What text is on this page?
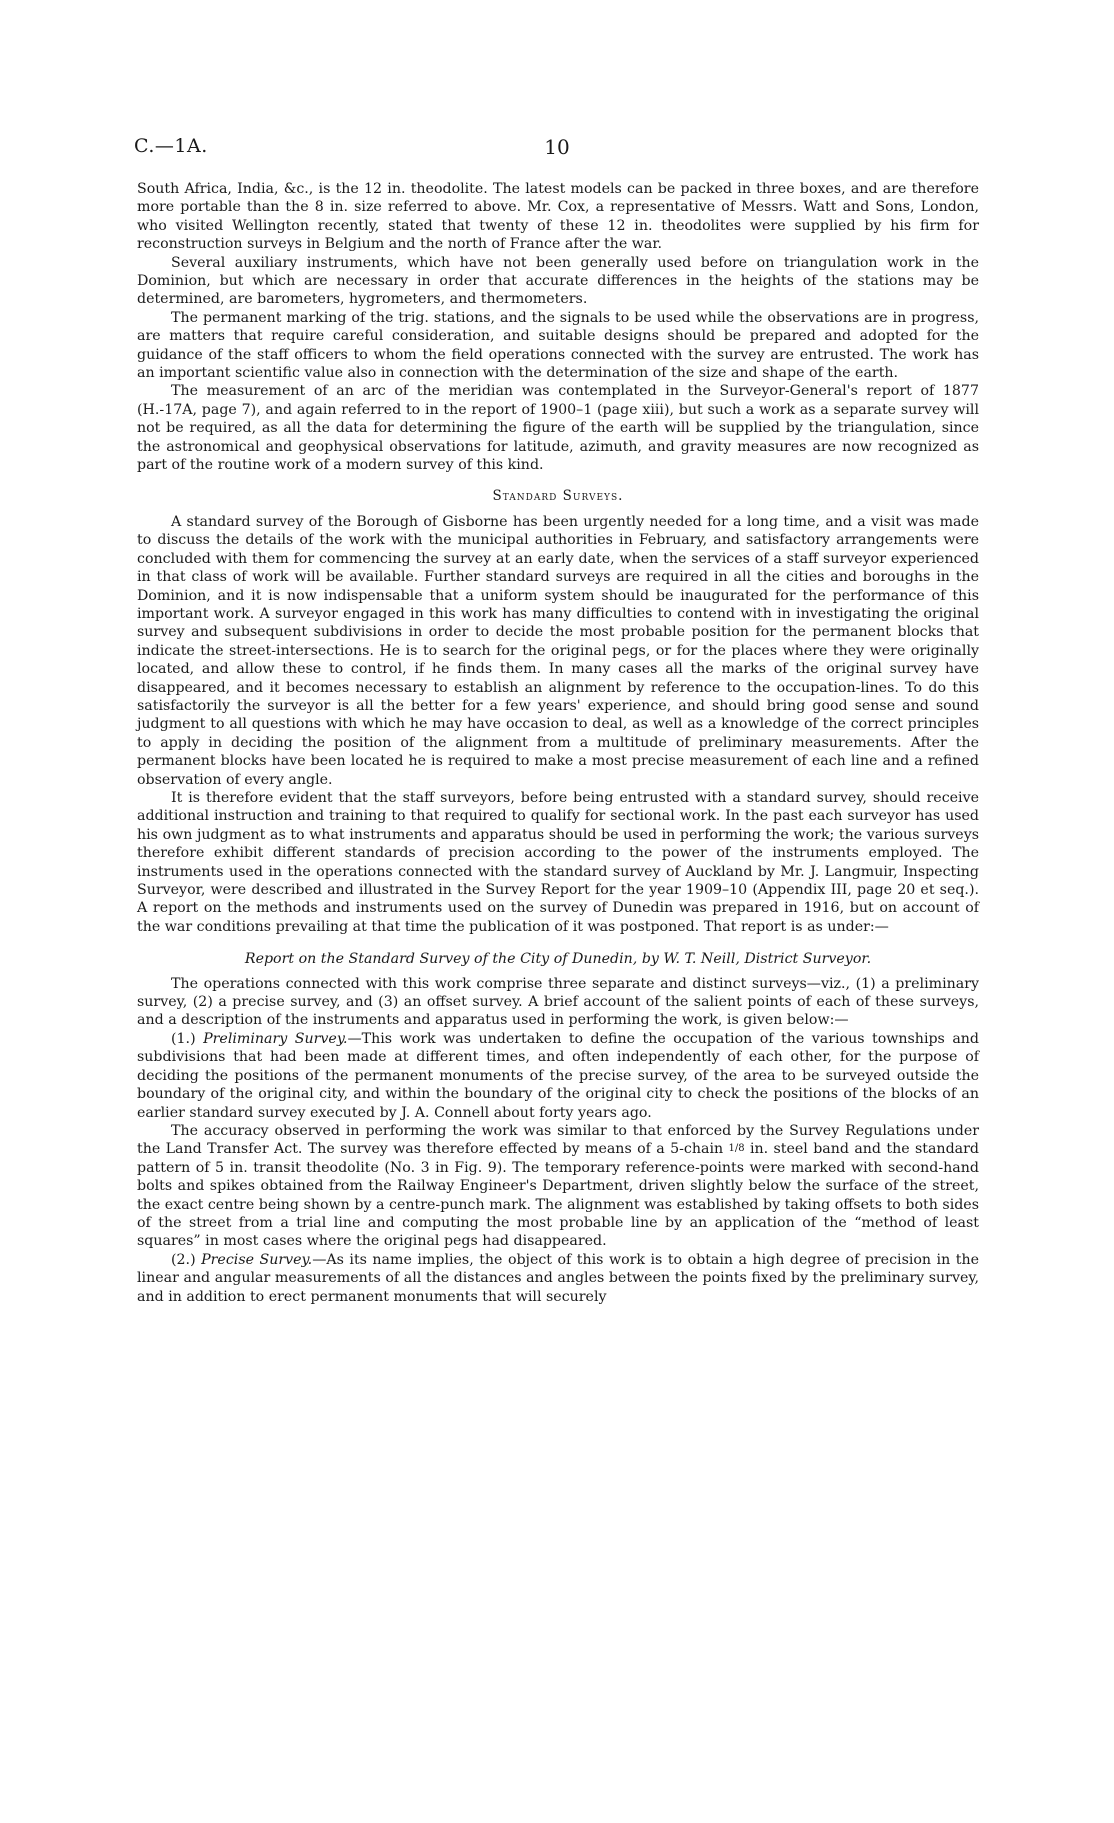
C.—1A.	10

South Africa, India, &c., is the 12 in. theodolite. The latest models can be packed in three boxes, and are therefore more portable than the 8 in. size referred to above. Mr. Cox, a representative of Messrs. Watt and Sons, London, who visited Wellington recently, stated that twenty of these 12 in. theodolites were supplied by his firm for reconstruction surveys in Belgium and the north of France after the war.

Several auxiliary instruments, which have not been generally used before on triangulation work in the Dominion, but which are necessary in order that accurate differences in the heights of the stations may be determined, are barometers, hygrometers, and thermometers.

The permanent marking of the trig. stations, and the signals to be used while the observations are in progress, are matters that require careful consideration, and suitable designs should be prepared and adopted for the guidance of the staff officers to whom the field operations connected with the survey are entrusted. The work has an important scientific value also in connection with the determination of the size and shape of the earth.

The measurement of an arc of the meridian was contemplated in the Surveyor-General's report of 1877 (H.-17A, page 7), and again referred to in the report of 1900–1 (page xiii), but such a work as a separate survey will not be required, as all the data for determining the figure of the earth will be supplied by the triangulation, since the astronomical and geophysical observations for latitude, azimuth, and gravity measures are now recognized as part of the routine work of a modern survey of this kind.

Standard Surveys.

A standard survey of the Borough of Gisborne has been urgently needed for a long time, and a visit was made to discuss the details of the work with the municipal authorities in February, and satisfactory arrangements were concluded with them for commencing the survey at an early date, when the services of a staff surveyor experienced in that class of work will be available. Further standard surveys are required in all the cities and boroughs in the Dominion, and it is now indispensable that a uniform system should be inaugurated for the performance of this important work. A surveyor engaged in this work has many difficulties to contend with in investigating the original survey and subsequent subdivisions in order to decide the most probable position for the permanent blocks that indicate the street-intersections. He is to search for the original pegs, or for the places where they were originally located, and allow these to control, if he finds them. In many cases all the marks of the original survey have disappeared, and it becomes necessary to establish an alignment by reference to the occupation-lines. To do this satisfactorily the surveyor is all the better for a few years' experience, and should bring good sense and sound judgment to all questions with which he may have occasion to deal, as well as a knowledge of the correct principles to apply in deciding the position of the alignment from a multitude of preliminary measurements. After the permanent blocks have been located he is required to make a most precise measurement of each line and a refined observation of every angle.

It is therefore evident that the staff surveyors, before being entrusted with a standard survey, should receive additional instruction and training to that required to qualify for sectional work. In the past each surveyor has used his own judgment as to what instruments and apparatus should be used in performing the work; the various surveys therefore exhibit different standards of precision according to the power of the instruments employed. The instruments used in the operations connected with the standard survey of Auckland by Mr. J. Langmuir, Inspecting Surveyor, were described and illustrated in the Survey Report for the year 1909–10 (Appendix III, page 20 et seq.). A report on the methods and instruments used on the survey of Dunedin was prepared in 1916, but on account of the war conditions prevailing at that time the publication of it was postponed. That report is as under:—

Report on the Standard Survey of the City of Dunedin, by W. T. Neill, District Surveyor.

The operations connected with this work comprise three separate and distinct surveys—viz., (1) a preliminary survey, (2) a precise survey, and (3) an offset survey. A brief account of the salient points of each of these surveys, and a description of the instruments and apparatus used in performing the work, is given below:—

(1.) Preliminary Survey.—This work was undertaken to define the occupation of the various townships and subdivisions that had been made at different times, and often independently of each other, for the purpose of deciding the positions of the permanent monuments of the precise survey, of the area to be surveyed outside the boundary of the original city, and within the boundary of the original city to check the positions of the blocks of an earlier standard survey executed by J. A. Connell about forty years ago.

The accuracy observed in performing the work was similar to that enforced by the Survey Regulations under the Land Transfer Act. The survey was therefore effected by means of a 5-chain 1/8 in. steel band and the standard pattern of 5 in. transit theodolite (No. 3 in Fig. 9). The temporary reference-points were marked with second-hand bolts and spikes obtained from the Railway Engineer's Department, driven slightly below the surface of the street, the exact centre being shown by a centre-punch mark. The alignment was established by taking offsets to both sides of the street from a trial line and computing the most probable line by an application of the “method of least squares” in most cases where the original pegs had disappeared.

(2.) Precise Survey.—As its name implies, the object of this work is to obtain a high degree of precision in the linear and angular measurements of all the distances and angles between the points fixed by the preliminary survey, and in addition to erect permanent monuments that will securely
